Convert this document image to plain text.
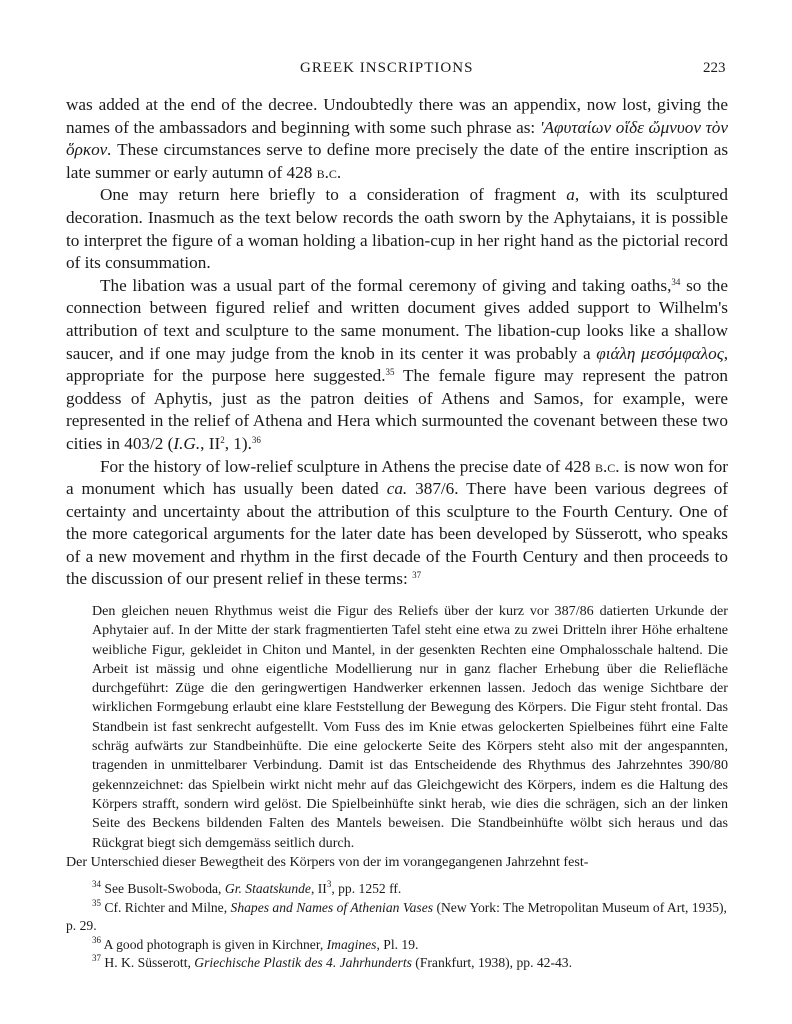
GREEK INSCRIPTIONS	223

was added at the end of the decree. Undoubtedly there was an appendix, now lost, giving the names of the ambassadors and beginning with some such phrase as: 'Αφυταίων οἵδε ὤμνυον τὸν ὅρκον. These circumstances serve to define more precisely the date of the entire inscription as late summer or early autumn of 428 b.c.

One may return here briefly to a consideration of fragment a, with its sculptured decoration. Inasmuch as the text below records the oath sworn by the Aphytaians, it is possible to interpret the figure of a woman holding a libation-cup in her right hand as the pictorial record of its consummation.

The libation was a usual part of the formal ceremony of giving and taking oaths,$^{34}$ so the connection between figured relief and written document gives added support to Wilhelm's attribution of text and sculpture to the same monument. The libation-cup looks like a shallow saucer, and if one may judge from the knob in its center it was probably a φιάλη μεσόμφαλος, appropriate for the purpose here suggested.$^{35}$ The female figure may represent the patron goddess of Aphytis, just as the patron deities of Athens and Samos, for example, were represented in the relief of Athena and Hera which surmounted the covenant between these two cities in 403/2 (I.G., $II^2$, 1).$^{36}$

For the history of low-relief sculpture in Athens the precise date of 428 b.c. is now won for a monument which has usually been dated ca. 387/6. There have been various degrees of certainty and uncertainty about the attribution of this sculpture to the Fourth Century. One of the more categorical arguments for the later date has been developed by Süsserott, who speaks of a new movement and rhythm in the first decade of the Fourth Century and then proceeds to the discussion of our present relief in these terms: $^{37}$

Den gleichen neuen Rhythmus weist die Figur des Reliefs über der kurz vor 387/86 datierten Urkunde der Aphytaier auf. In der Mitte der stark fragmentierten Tafel steht eine etwa zu zwei Dritteln ihrer Höhe erhaltene weibliche Figur, gekleidet in Chiton und Mantel, in der gesenkten Rechten eine Omphalosschale haltend. Die Arbeit ist mässig und ohne eigentliche Modellierung nur in ganz flacher Erhebung über die Reliefläche durchgeführt: Züge die den geringwertigen Handwerker erkennen lassen. Jedoch das wenige Sichtbare der wirklichen Formgebung erlaubt eine klare Feststellung der Bewegung des Körpers. Die Figur steht frontal. Das Standbein ist fast senkrecht aufgestellt. Vom Fuss des im Knie etwas gelockerten Spielbeines führt eine Falte schräg aufwärts zur Standbeinhüfte. Die eine gelockerte Seite des Körpers steht also mit der angespannten, tragenden in unmittelbarer Verbindung. Damit ist das Entscheidende des Rhythmus des Jahrzehntes 390/80 gekennzeichnet: das Spielbein wirkt nicht mehr auf das Gleichgewicht des Körpers, indem es die Haltung des Körpers strafft, sondern wird gelöst. Die Spielbeinhüfte sinkt herab, wie dies die schrägen, sich an der linken Seite des Beckens bildenden Falten des Mantels beweisen. Die Standbeinhüfte wölbt sich heraus und das Rückgrat biegt sich demgemäss seitlich durch.

Der Unterschied dieser Bewegtheit des Körpers von der im vorangegangenen Jahrzehnt fest-

$^{34}$ See Busolt-Swoboda, Gr. Staatskunde, $II^3$, pp. 1252 ff.

$^{35}$ Cf. Richter and Milne, Shapes and Names of Athenian Vases (New York: The Metropolitan Museum of Art, 1935), p. 29.

$^{36}$ A good photograph is given in Kirchner, Imagines, Pl. 19.

$^{37}$ H. K. Süsserott, Griechische Plastik des 4. Jahrhunderts (Frankfurt, 1938), pp. 42-43.
